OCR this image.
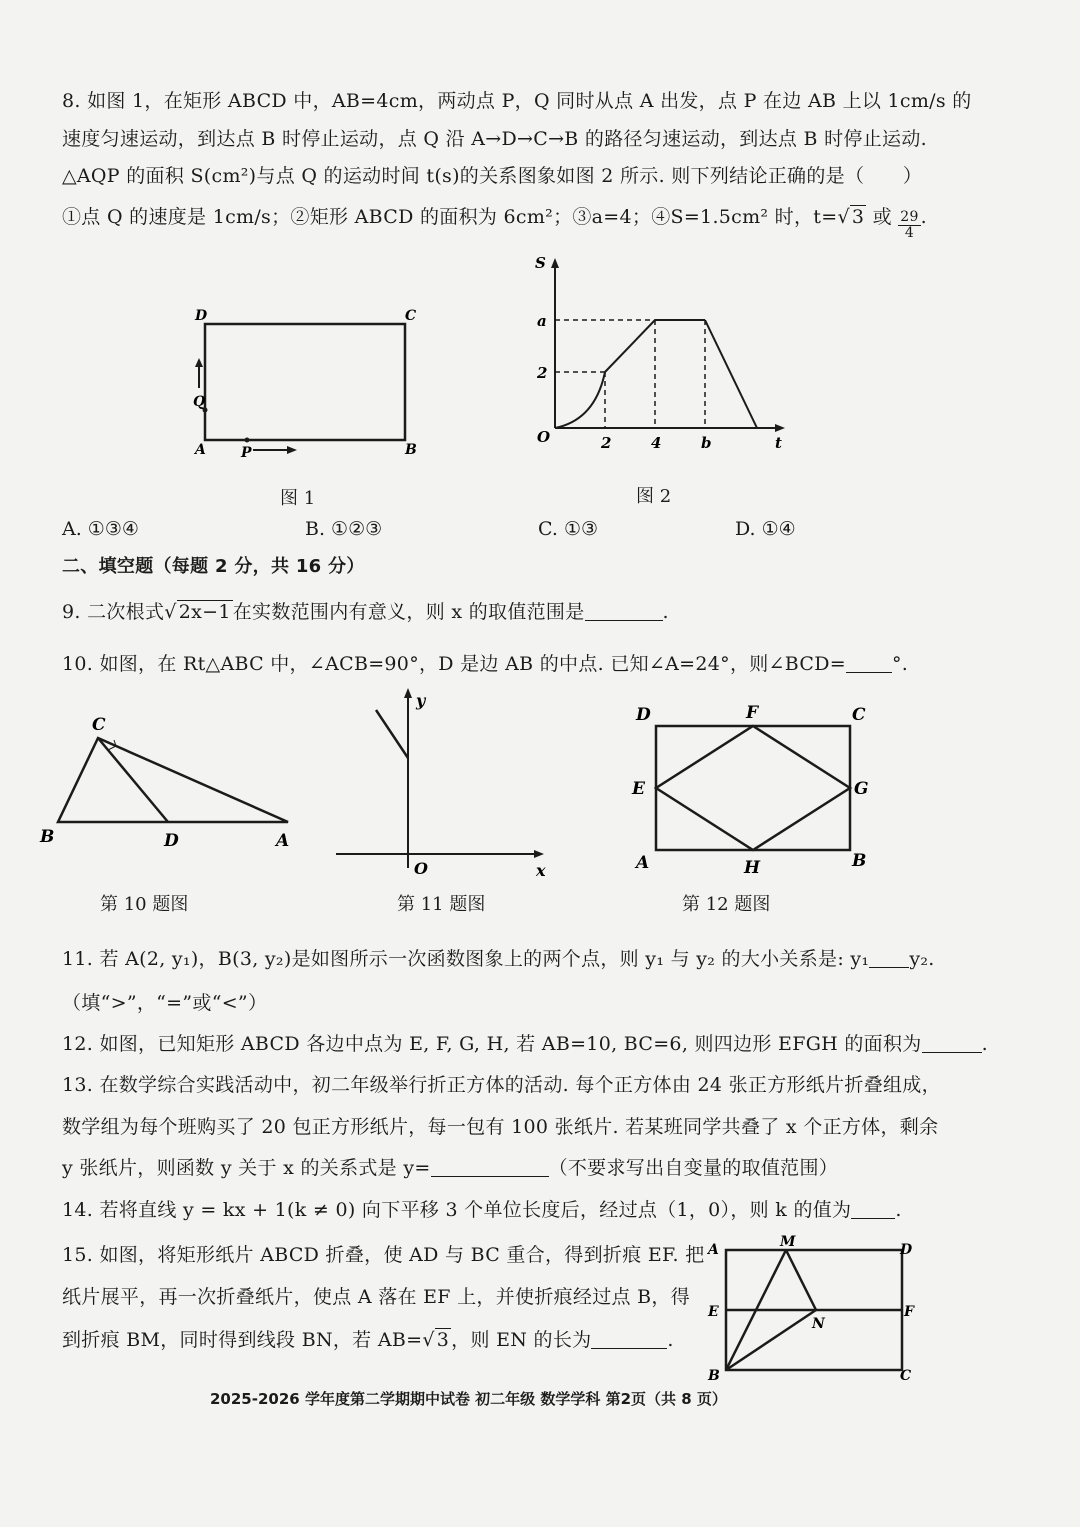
8. 如图 1，在矩形 ABCD 中，AB=4cm，两动点 P，Q 同时从点 A 出发，点 P 在边 AB 上以 1cm/s 的
速度匀速运动，到达点 B 时停止运动，点 Q 沿 A→D→C→B 的路径匀速运动，到达点 B 时停止运动.
△AQP 的面积 S(cm²)与点 Q 的运动时间 t(s)的关系图象如图 2 所示. 则下列结论正确的是（　　）
①点 Q 的速度是 1cm/s；②矩形 ABCD 的面积为 6cm²；③a=4；④S=1.5cm² 时，t=√ 3 或 $\frac{29}{4}$ .
D	C
A	B
P
Q
图 1
S
a
2
O	2	4	b	t
图 2
A. ①③④	B. ①②③	C. ①③	D. ①④
二、填空题（每题 2 分，共 16 分）
9. 二次根式√ 2x−1 在实数范围内有意义，则 x 的取值范围是	.
10. 如图，在 Rt△ABC 中，∠ACB=90°，D 是边 AB 的中点. 已知∠A=24°，则∠BCD= °.
C
B	D	A
第 10 题图
y
O	x
第 11 题图
D	F	C
E	G
A	H	B
第 12 题图
11. 若 A(2, y₁)，B(3, y₂)是如图所示一次函数图象上的两个点，则 y₁ 与 y₂ 的大小关系是: y₁ y₂.
（填“>”，“=”或“<”）
12. 如图，已知矩形 ABCD 各边中点为 E, F, G, H, 若 AB=10, BC=6, 则四边形 EFGH 的面积为	.
13. 在数学综合实践活动中，初二年级举行折正方体的活动. 每个正方体由 24 张正方形纸片折叠组成，
数学组为每个班购买了 20 包正方形纸片，每一包有 100 张纸片. 若某班同学共叠了 x 个正方体，剩余
y 张纸片，则函数 y 关于 x 的关系式是 y=	（不要求写出自变量的取值范围）
14. 若将直线 y = kx + 1(k ≠ 0) 向下平移 3 个单位长度后，经过点（1，0），则 k 的值为 .
15. 如图，将矩形纸片 ABCD 折叠，使 AD 与 BC 重合，得到折痕 EF. 把
纸片展平，再一次折叠纸片，使点 A 落在 EF 上，并使折痕经过点 B，得
到折痕 BM，同时得到线段 BN，若 AB=√ 3 ，则 EN 的长为	.
A	M	D
E	F
N
B	C
2025-2026 学年度第二学期期中试卷 初二年级 数学学科 第2页（共 8 页）
